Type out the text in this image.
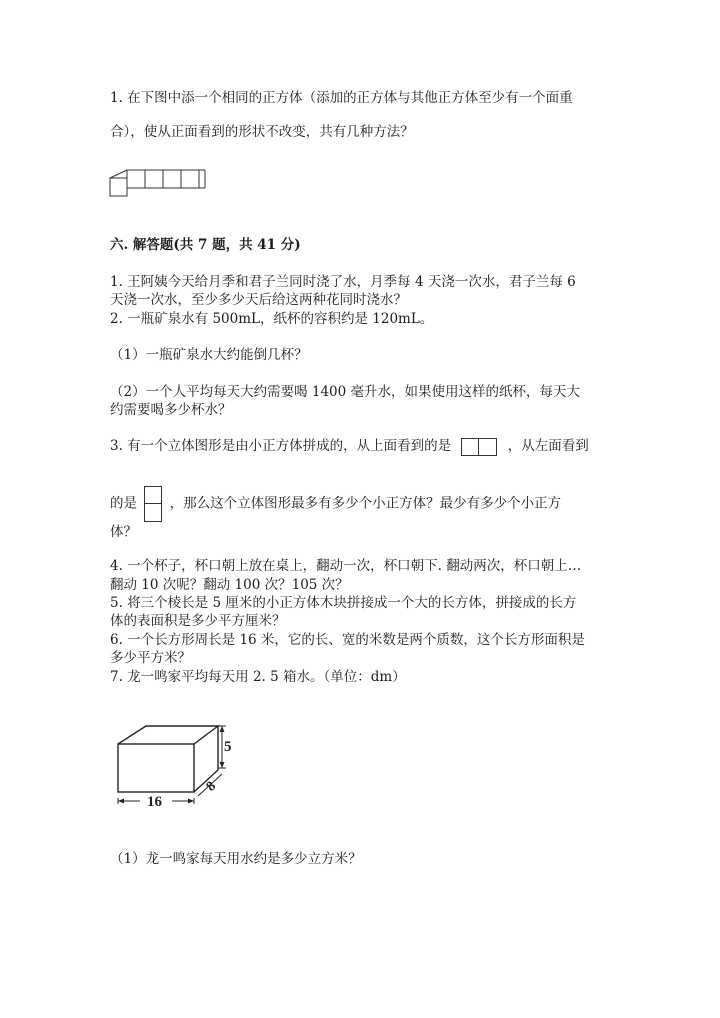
1. 在下图中添一个相同的正方体（添加的正方体与其他正方体至少有一个面重
合），使从正面看到的形状不改变，共有几种方法？
六. 解答题(共 7 题，共 41 分)
1. 王阿姨今天给月季和君子兰同时浇了水，月季每 4 天浇一次水，君子兰每 6
天浇一次水，至少多少天后给这两种花同时浇水？
2. 一瓶矿泉水有 500mL，纸杯的容积约是 120mL。
（1）一瓶矿泉水大约能倒几杯？
（2）一个人平均每天大约需要喝 1400 毫升水，如果使用这样的纸杯，每天大
约需要喝多少杯水？
3. 有一个立体图形是由小正方体拼成的，从上面看到的是	，从左面看到
的是 ，那么这个立体图形最多有多少个小正方体？最少有多少个小正方
体？
4. 一个杯子，杯口朝上放在桌上，翻动一次，杯口朝下. 翻动两次，杯口朝上…
翻动 10 次呢？翻动 100 次？105 次？
5. 将三个棱长是 5 厘米的小正方体木块拼接成一个大的长方体，拼接成的长方
体的表面积是多少平方厘米？
6. 一个长方形周长是 16 米，它的长、宽的米数是两个质数，这个长方形面积是
多少平方米？
7. 龙一鸣家平均每天用 2. 5 箱水。（单位：dm）
5
8
16
（1）龙一鸣家每天用水约是多少立方米？
